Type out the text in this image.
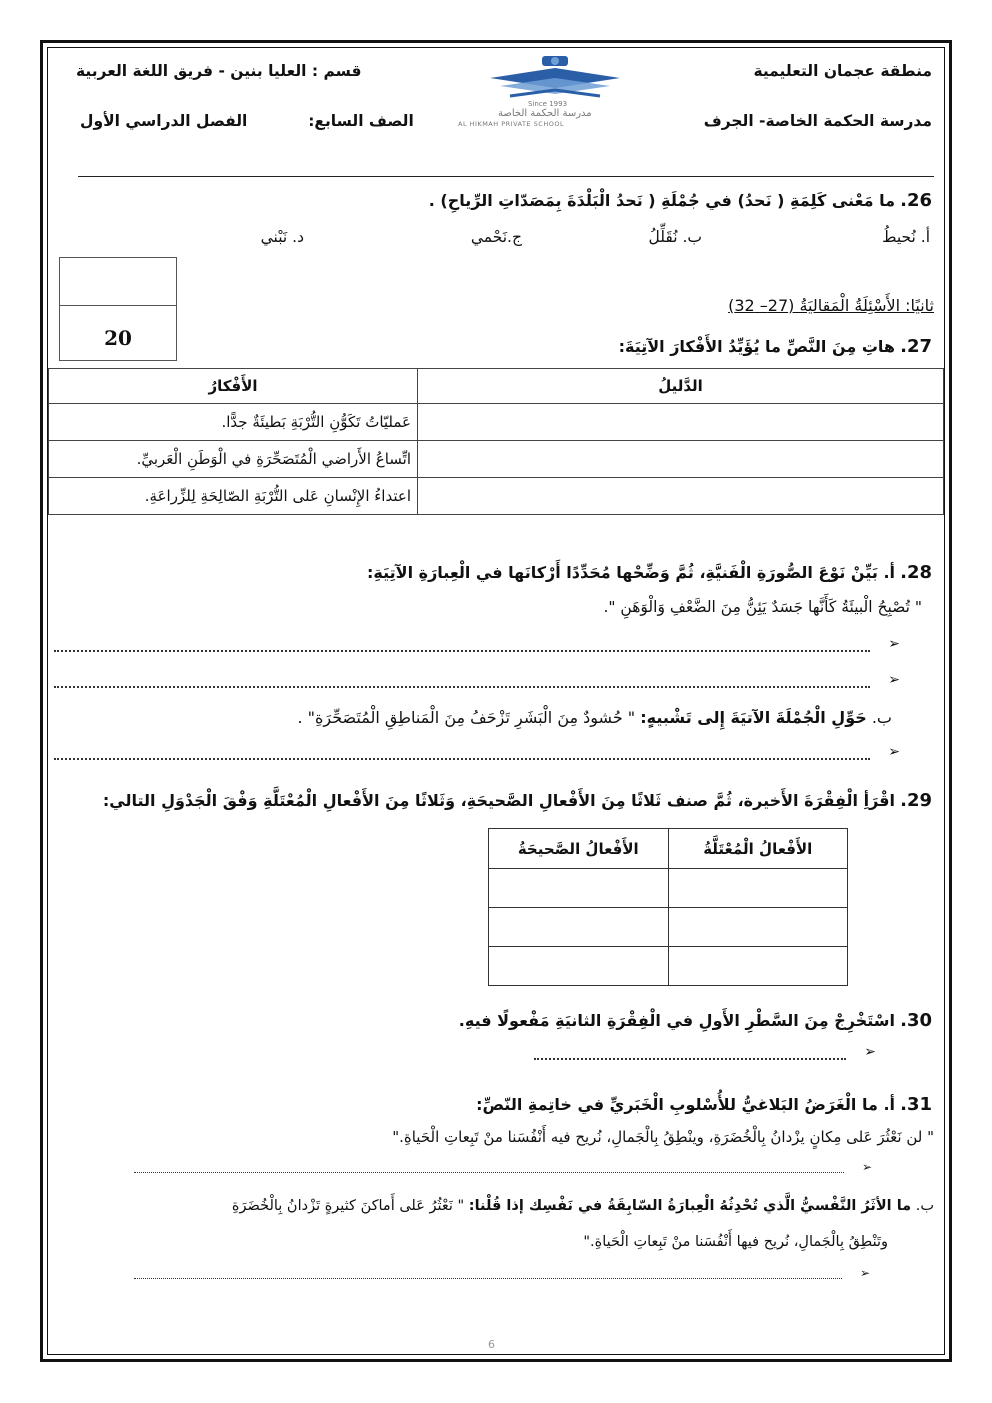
منطقة عجمان التعليمية
مدرسة الحكمة الخاصة- الجرف
قسم : العليا بنين - فريق اللغة العربية
الصف السابع:  الفصل الدراسي الأول
Since 1993
مدرسة الحكمة الخاصة
AL HIKMAH PRIVATE SCHOOL
26. ما مَعْنى كَلِمَةِ ( نَحدُ) في جُمْلَةِ ( نَحدُ الْبَلْدَةَ بِمَصَدّاتِ الرِّياحِ) .
أ. نُحيطُ
ب. نُقَلِّلُ
ج.نَحْمي
د. نَبْني
20
ثانيًا: الأَسْئِلَةُ الْمَقاليَةُ (27– 32)
27. هاتِ مِنَ النَّصِّ ما يُؤَيِّدُ الأَفْكارَ الآتِيَةَ:
الأَفْكارُ	الدَّليلُ
عَمليّاتُ تَكَوُّنِ التُّرْبَةِ بَطيئَةٌ جدًّا.	
اتِّساعُ الأَراضي الْمُتَصَحِّرَةِ في الْوَطَنِ الْعَربيِّ.	
اعتداءُ الإِنْسانِ عَلى التُّرْبَةِ الصّالِحَةِ لِلزِّراعَةِ.	
28. أ. بَيِّنْ نَوْعَ الصُّورَةِ الْفَنيَّةِ، ثُمَّ وَضِّحْها مُحَدِّدًا أَرْكانَها في الْعِبارَةِ الآتِيَةِ:
" تُصْبِحُ الْبيئَةُ كَأَنَّها جَسَدٌ يَئِنُّ مِنَ الضَّعْفِ وَالْوَهَنِ ".
➢
➢
ب. حَوِّلِ الْجُمْلَةَ الآتيَةَ إِلى تَشْبيهٍ: " حُشودٌ مِنَ الْبَشَرِ تَزْحَفُ مِنَ الْمَناطِقِ الْمُتَصَحِّرَةِ" .
➢
29. اقْرَأِ الْفِقْرَةَ الأَخيرة، ثُمَّ صنف ثَلاثًا مِنَ الأَفْعالِ الصَّحيحَةِ، وَثَلاثًا مِنَ الأَفْعالِ الْمُعْتَلَّةِ وَفْقَ الْجَدْوَلِ التالي:
الأَفْعالُ الصَّحيحَةُ	الأَفْعالُ الْمُعْتَلَّةُ

30. اسْتَخْرِجْ مِنَ السَّطْرِ الأَولِ في الْفِقْرَةِ الثانيَةِ مَفْعولًا فيهِ.
➢
31. أ. ما الْغَرَضُ البَلاغيُّ للأُسْلوبِ الْخَبَريِّ في خاتِمةِ النّصِّ:
" لن نَعْثُرَ عَلى مِكانٍ يزْدانُ بِالْخُضَرَةِ، وينْطِقُ بِالْجَمالِ، نُريح فيه أَنْفُسَنا منْ تَبِعاتِ الْحَياةِ."
➢
ب. ما الأثَرُ النَّفْسيُّ الَّذي تُحْدِثُهُ الْعِبارَةُ السّابِقَةُ في نَفْسِك إذا قُلْنا: " نَعْثُرُ عَلى أَماكنَ كثيرةٍ تَزْدانُ بِالْخُضَرَةِ
وتَنْطِقُ بِالْجَمالِ، نُريح فيها أَنْفُسَنا منْ تَبِعاتِ الْحَياةِ."
➢
6
